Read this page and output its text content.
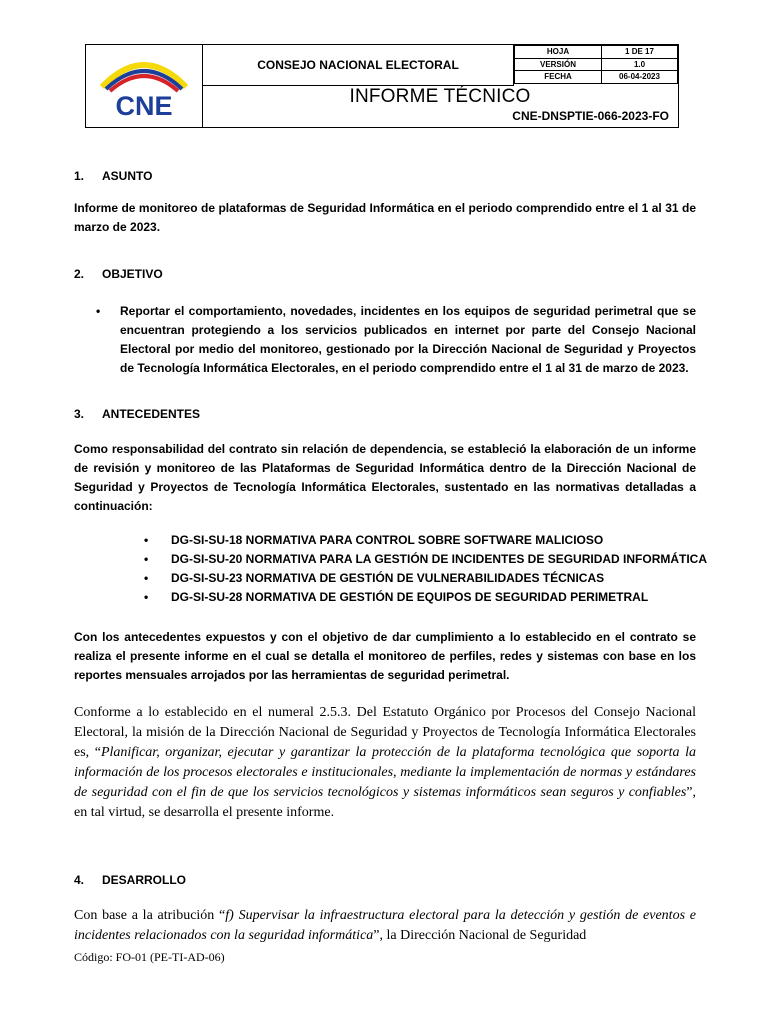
CNE
CONSEJO NACIONAL ELECTORAL
HOJA	1 DE 17
VERSIÓN	1.0
FECHA	06-04-2023
INFORME TÉCNICO
CNE-DNSPTIE-066-2023-FO
1. ASUNTO
Informe de monitoreo de plataformas de Seguridad Informática en el periodo comprendido entre el 1 al 31 de marzo de 2023.
2. OBJETIVO
• Reportar el comportamiento, novedades, incidentes en los equipos de seguridad perimetral que se encuentran protegiendo a los servicios publicados en internet por parte del Consejo Nacional Electoral por medio del monitoreo, gestionado por la Dirección Nacional de Seguridad y Proyectos de Tecnología Informática Electorales, en el periodo comprendido entre el 1 al 31 de marzo de 2023.
3. ANTECEDENTES
Como responsabilidad del contrato sin relación de dependencia, se estableció la elaboración de un informe de revisión y monitoreo de las Plataformas de Seguridad Informática dentro de la Dirección Nacional de Seguridad y Proyectos de Tecnología Informática Electorales, sustentado en las normativas detalladas a continuación:
• DG-SI-SU-18 NORMATIVA PARA CONTROL SOBRE SOFTWARE MALICIOSO
• DG-SI-SU-20 NORMATIVA PARA LA GESTIÓN DE INCIDENTES DE SEGURIDAD INFORMÁTICA
• DG-SI-SU-23 NORMATIVA DE GESTIÓN DE VULNERABILIDADES TÉCNICAS
• DG-SI-SU-28 NORMATIVA DE GESTIÓN DE EQUIPOS DE SEGURIDAD PERIMETRAL
Con los antecedentes expuestos y con el objetivo de dar cumplimiento a lo establecido en el contrato se realiza el presente informe en el cual se detalla el monitoreo de perfiles, redes y sistemas con base en los reportes mensuales arrojados por las herramientas de seguridad perimetral.
Conforme a lo establecido en el numeral 2.5.3. Del Estatuto Orgánico por Procesos del Consejo Nacional Electoral, la misión de la Dirección Nacional de Seguridad y Proyectos de Tecnología Informática Electorales es, “Planificar, organizar, ejecutar y garantizar la protección de la plataforma tecnológica que soporta la información de los procesos electorales e institucionales, mediante la implementación de normas y estándares de seguridad con el fin de que los servicios tecnológicos y sistemas informáticos sean seguros y confiables”, en tal virtud, se desarrolla el presente informe.
4. DESARROLLO
Con base a la atribución “f) Supervisar la infraestructura electoral para la detección y gestión de eventos e incidentes relacionados con la seguridad informática”, la Dirección Nacional de Seguridad
Código: FO-01 (PE-TI-AD-06)
